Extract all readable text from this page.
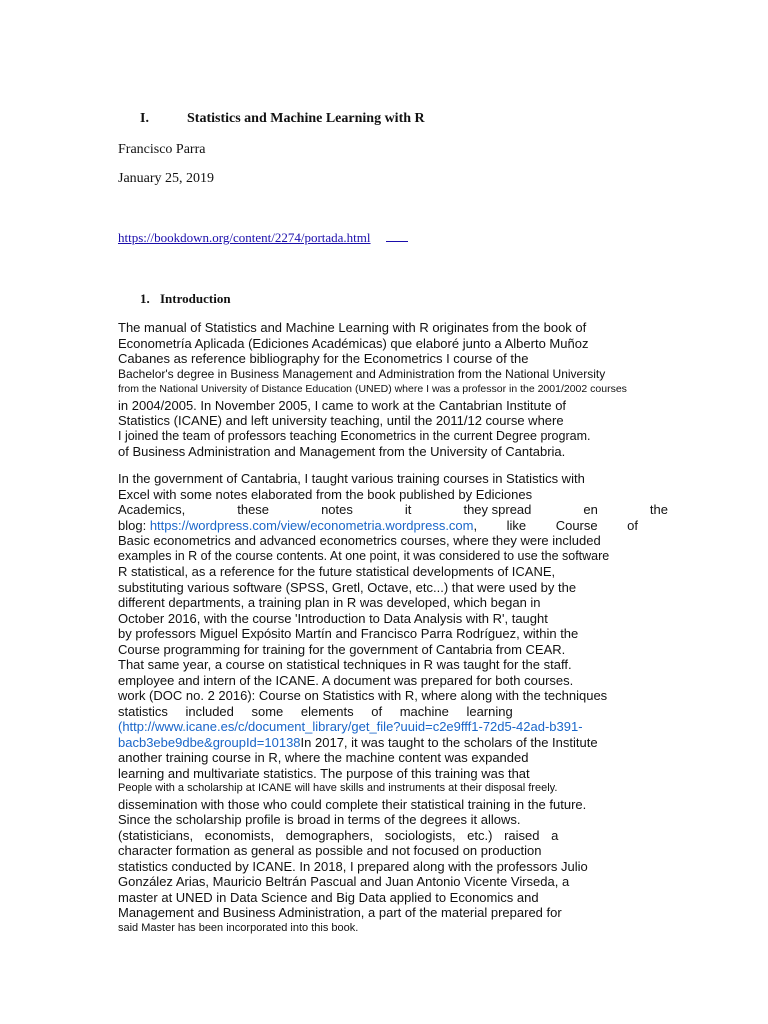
I.	Statistics and Machine Learning with R
Francisco Parra
January 25, 2019
https://bookdown.org/content/2274/portada.html
1. Introduction
The manual of Statistics and Machine Learning with R originates from the book of
Econometría Aplicada (Ediciones Académicas) que elaboré junto a Alberto Muñoz
Cabanes as reference bibliography for the Econometrics I course of the
Bachelor's degree in Business Management and Administration from the National University
from the National University of Distance Education (UNED) where I was a professor in the 2001/2002 courses
in 2004/2005. In November 2005, I came to work at the Cantabrian Institute of
Statistics (ICANE) and left university teaching, until the 2011/12 course where
I joined the team of professors teaching Econometrics in the current Degree program.
of Business Administration and Management from the University of Cantabria.
In the government of Cantabria, I taught various training courses in Statistics with
Excel with some notes elaborated from the book published by Ediciones
Academics,	these	notes	it	they spread	en	the
blog: https://wordpress.com/view/econometria.wordpress.com, like Course of
Basic econometrics and advanced econometrics courses, where they were included
examples in R of the course contents. At one point, it was considered to use the software
R statistical, as a reference for the future statistical developments of ICANE,
substituting various software (SPSS, Gretl, Octave, etc...) that were used by the
different departments, a training plan in R was developed, which began in
October 2016, with the course 'Introduction to Data Analysis with R', taught
by professors Miguel Expósito Martín and Francisco Parra Rodríguez, within the
Course programming for training for the government of Cantabria from CEAR.
That same year, a course on statistical techniques in R was taught for the staff.
employee and intern of the ICANE. A document was prepared for both courses.
work (DOC no. 2 2016): Course on Statistics with R, where along with the techniques
statistics included some elements of machine learning
(http://www.icane.es/c/document_library/get_file?uuid=c2e9fff1-72d5-42ad-b391-
bacb3ebe9dbe&groupId=10138In 2017, it was taught to the scholars of the Institute
another training course in R, where the machine content was expanded
learning and multivariate statistics. The purpose of this training was that
People with a scholarship at ICANE will have skills and instruments at their disposal freely.
dissemination with those who could complete their statistical training in the future.
Since the scholarship profile is broad in terms of the degrees it allows.
(statisticians, economists, demographers, sociologists, etc.) raised a
character formation as general as possible and not focused on production
statistics conducted by ICANE. In 2018, I prepared along with the professors Julio
González Arias, Mauricio Beltrán Pascual and Juan Antonio Vicente Virseda, a
master at UNED in Data Science and Big Data applied to Economics and
Management and Business Administration, a part of the material prepared for
said Master has been incorporated into this book.
